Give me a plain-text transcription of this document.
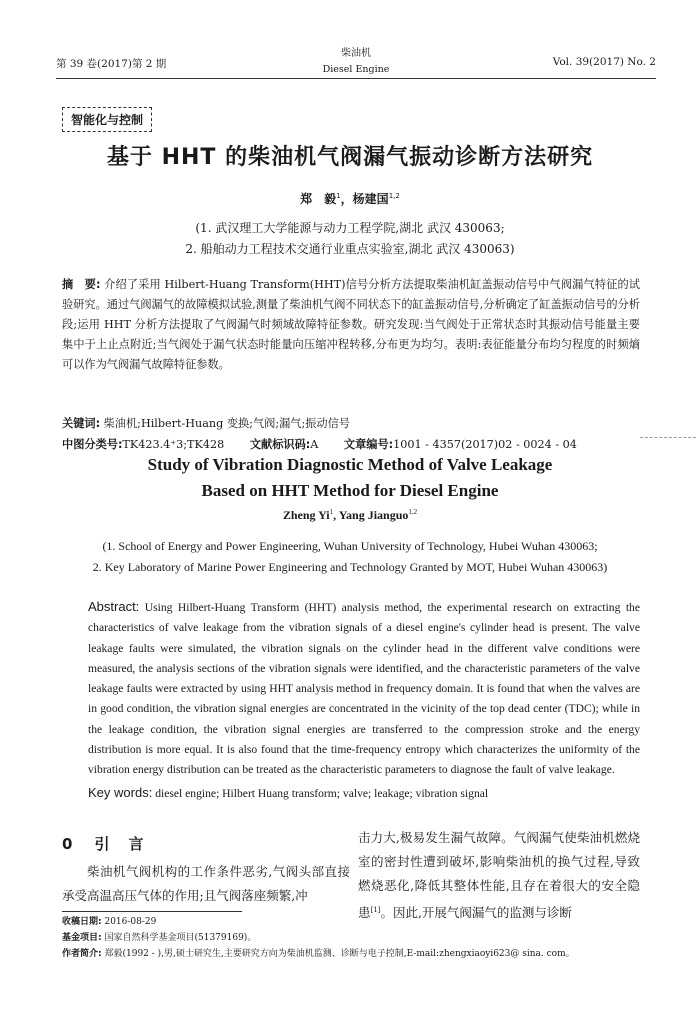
第 39 卷(2017)第 2 期
柴油机
Diesel Engine
Vol. 39(2017) No. 2
智能化与控制
基于 HHT 的柴油机气阀漏气振动诊断方法研究
郑　毅$^1$，杨建国$^{1,2}$
(1. 武汉理工大学能源与动力工程学院,湖北 武汉 430063;
2. 船舶动力工程技术交通行业重点实验室,湖北 武汉 430063)
摘　要: 介绍了采用 Hilbert-Huang Transform(HHT)信号分析方法提取柴油机缸盖振动信号中气阀漏气特征的试验研究。通过气阀漏气的故障模拟试验,测量了柴油机气阀不同状态下的缸盖振动信号,分析确定了缸盖振动信号的分析段;运用 HHT 分析方法提取了气阀漏气时频域故障特征参数。研究发现:当气阀处于正常状态时其振动信号能量主要集中于上止点附近;当气阀处于漏气状态时能量向压缩冲程转移,分布更为均匀。表明:表征能量分布均匀程度的时频熵可以作为气阀漏气故障特征参数。
关键词: 柴油机;Hilbert-Huang 变换;气阀;漏气;振动信号
中图分类号:TK423.4⁺3;TK428 文献标识码:A 文章编号:1001 - 4357(2017)02 - 0024 - 04
Study of Vibration Diagnostic Method of Valve Leakage
Based on HHT Method for Diesel Engine
Zheng Yi$^1$, Yang Jianguo$^{1,2}$
(1. School of Energy and Power Engineering, Wuhan University of Technology, Hubei Wuhan 430063;
2. Key Laboratory of Marine Power Engineering and Technology Granted by MOT, Hubei Wuhan 430063)
Abstract: Using Hilbert-Huang Transform (HHT) analysis method, the experimental research on extracting the characteristics of valve leakage from the vibration signals of a diesel engine's cylinder head is present. The valve leakage faults were simulated, the vibration signals on the cylinder head in the different valve conditions were measured, the analysis sections of the vibration signals were identified, and the characteristic parameters of the valve leakage faults were extracted by using HHT analysis method in frequency domain. It is found that when the valves are in good condition, the vibration signal energies are concentrated in the vicinity of the top dead center (TDC); while in the leakage condition, the vibration signal energies are transferred to the compression stroke and the energy distribution is more equal. It is also found that the time-frequency entropy which characterizes the uniformity of the vibration energy distribution can be treated as the characteristic parameters to diagnose the fault of valve leakage.
Key words: diesel engine; Hilbert Huang transform; valve; leakage; vibration signal
0 引　言

柴油机气阀机构的工作条件恶劣,气阀头部直接承受高温高压气体的作用;且气阀落座频繁,冲

击力大,极易发生漏气故障。气阀漏气使柴油机燃烧室的密封性遭到破坏,影响柴油机的换气过程,导致燃烧恶化,降低其整体性能,且存在着很大的安全隐患[1]。因此,开展气阀漏气的监测与诊断

收稿日期: 2016-08-29
基金项目: 国家自然科学基金项目(51379169)。
作者简介: 郑毅(1992 - ),男,硕士研究生,主要研究方向为柴油机监测、诊断与电子控制,E-mail:zhengxiaoyi623@ sina. com。
